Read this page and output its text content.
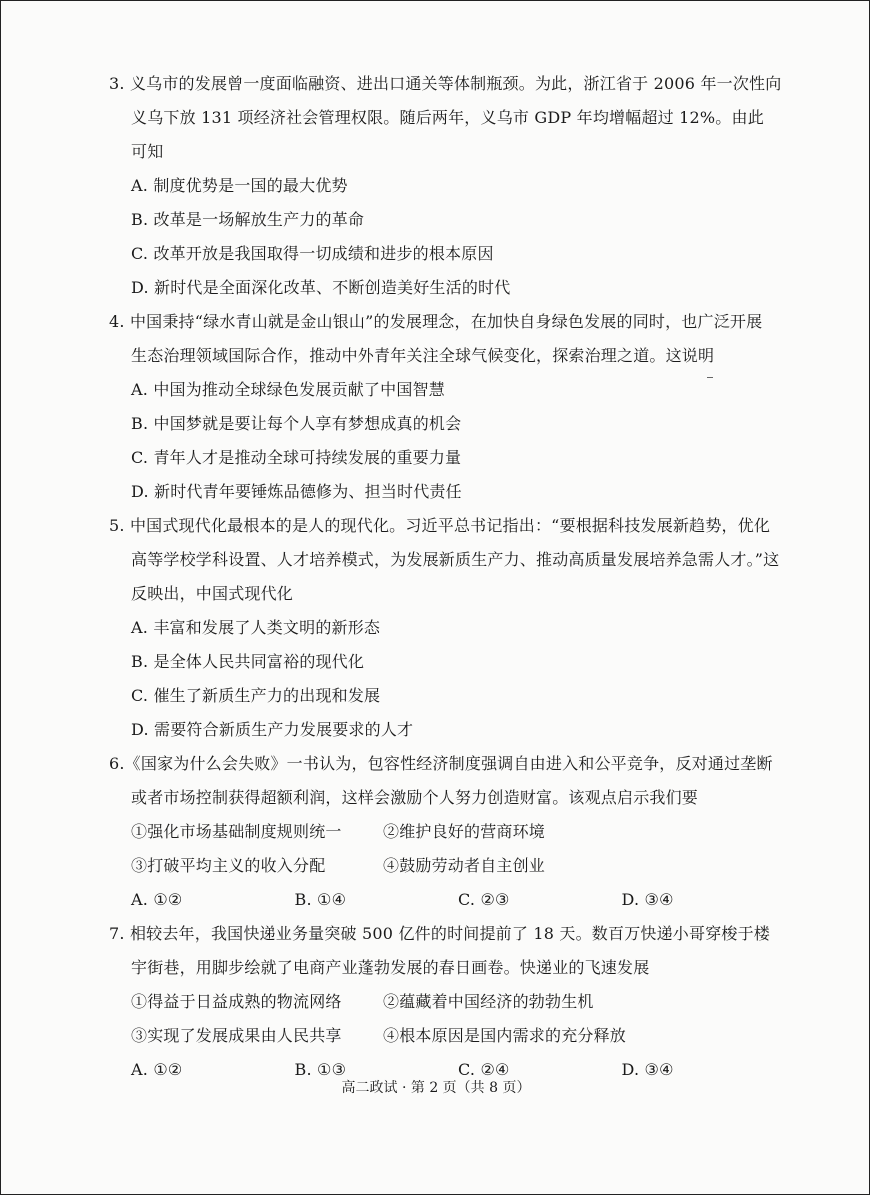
3. 义乌市的发展曾一度面临融资、进出口通关等体制瓶颈。为此，浙江省于 2006 年一次性向
义乌下放 131 项经济社会管理权限。随后两年，义乌市 GDP 年均增幅超过 12%。由此
可知
A. 制度优势是一国的最大优势
B. 改革是一场解放生产力的革命
C. 改革开放是我国取得一切成绩和进步的根本原因
D. 新时代是全面深化改革、不断创造美好生活的时代
4. 中国秉持“绿水青山就是金山银山”的发展理念，在加快自身绿色发展的同时，也广泛开展
生态治理领域国际合作，推动中外青年关注全球气候变化，探索治理之道。这说明
A. 中国为推动全球绿色发展贡献了中国智慧
B. 中国梦就是要让每个人享有梦想成真的机会
C. 青年人才是推动全球可持续发展的重要力量
D. 新时代青年要锤炼品德修为、担当时代责任
5. 中国式现代化最根本的是人的现代化。习近平总书记指出：“要根据科技发展新趋势，优化
高等学校学科设置、人才培养模式，为发展新质生产力、推动高质量发展培养急需人才。”这
反映出，中国式现代化
A. 丰富和发展了人类文明的新形态
B. 是全体人民共同富裕的现代化
C. 催生了新质生产力的出现和发展
D. 需要符合新质生产力发展要求的人才
6.《国家为什么会失败》一书认为，包容性经济制度强调自由进入和公平竞争，反对通过垄断
或者市场控制获得超额利润，这样会激励个人努力创造财富。该观点启示我们要
①强化市场基础制度规则统一	②维护良好的营商环境
③打破平均主义的收入分配	④鼓励劳动者自主创业
A. ①②	B. ①④	C. ②③	D. ③④
7. 相较去年，我国快递业务量突破 500 亿件的时间提前了 18 天。数百万快递小哥穿梭于楼
宇街巷，用脚步绘就了电商产业蓬勃发展的春日画卷。快递业的飞速发展
①得益于日益成熟的物流网络	②蕴藏着中国经济的勃勃生机
③实现了发展成果由人民共享	④根本原因是国内需求的充分释放
A. ①②	B. ①③	C. ②④	D. ③④
高二政试 · 第 2 页（共 8 页）
